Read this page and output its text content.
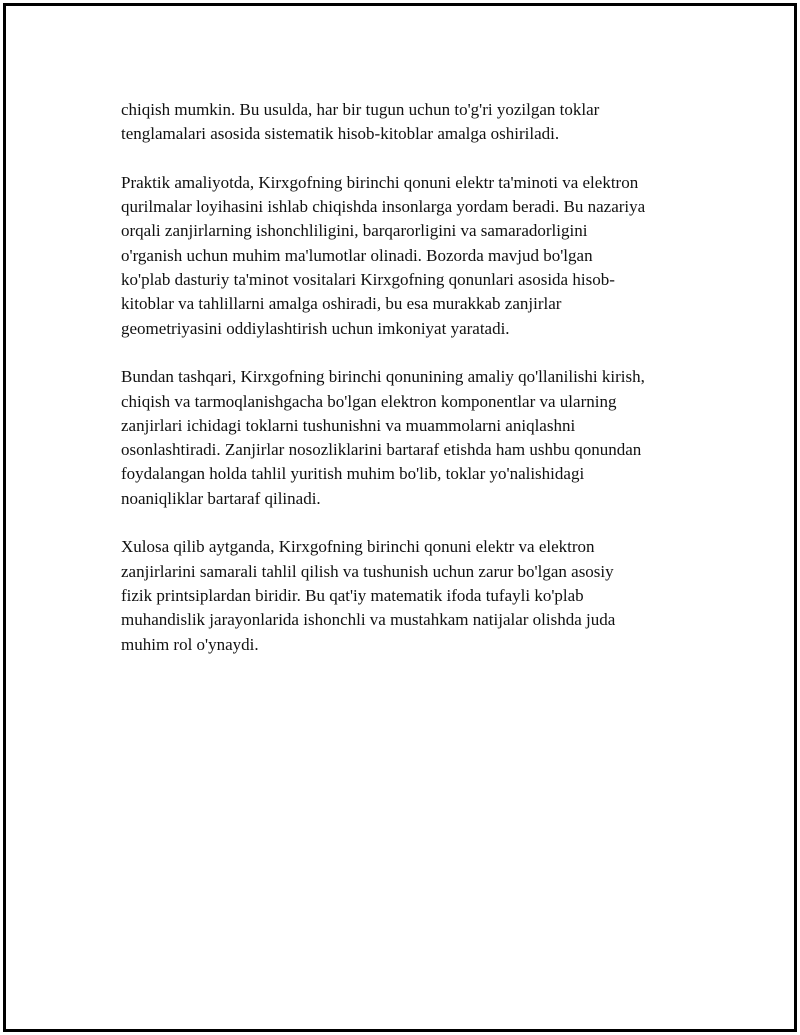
chiqish mumkin. Bu usulda, har bir tugun uchun to'g'ri yozilgan toklar
tenglamalari asosida sistematik hisob-kitoblar amalga oshiriladi.

Praktik amaliyotda, Kirxgofning birinchi qonuni elektr ta'minoti va elektron
qurilmalar loyihasini ishlab chiqishda insonlarga yordam beradi. Bu nazariya
orqali zanjirlarning ishonchliligini, barqarorligini va samaradorligini
o'rganish uchun muhim ma'lumotlar olinadi. Bozorda mavjud bo'lgan
ko'plab dasturiy ta'minot vositalari Kirxgofning qonunlari asosida hisob-
kitoblar va tahlillarni amalga oshiradi, bu esa murakkab zanjirlar
geometriyasini oddiylashtirish uchun imkoniyat yaratadi.

Bundan tashqari, Kirxgofning birinchi qonunining amaliy qo'llanilishi kirish,
chiqish va tarmoqlanishgacha bo'lgan elektron komponentlar va ularning
zanjirlari ichidagi toklarni tushunishni va muammolarni aniqlashni
osonlashtiradi. Zanjirlar nosozliklarini bartaraf etishda ham ushbu qonundan
foydalangan holda tahlil yuritish muhim bo'lib, toklar yo'nalishidagi
noaniqliklar bartaraf qilinadi.

Xulosa qilib aytganda, Kirxgofning birinchi qonuni elektr va elektron
zanjirlarini samarali tahlil qilish va tushunish uchun zarur bo'lgan asosiy
fizik printsiplardan biridir. Bu qat'iy matematik ifoda tufayli ko'plab
muhandislik jarayonlarida ishonchli va mustahkam natijalar olishda juda
muhim rol o'ynaydi.
